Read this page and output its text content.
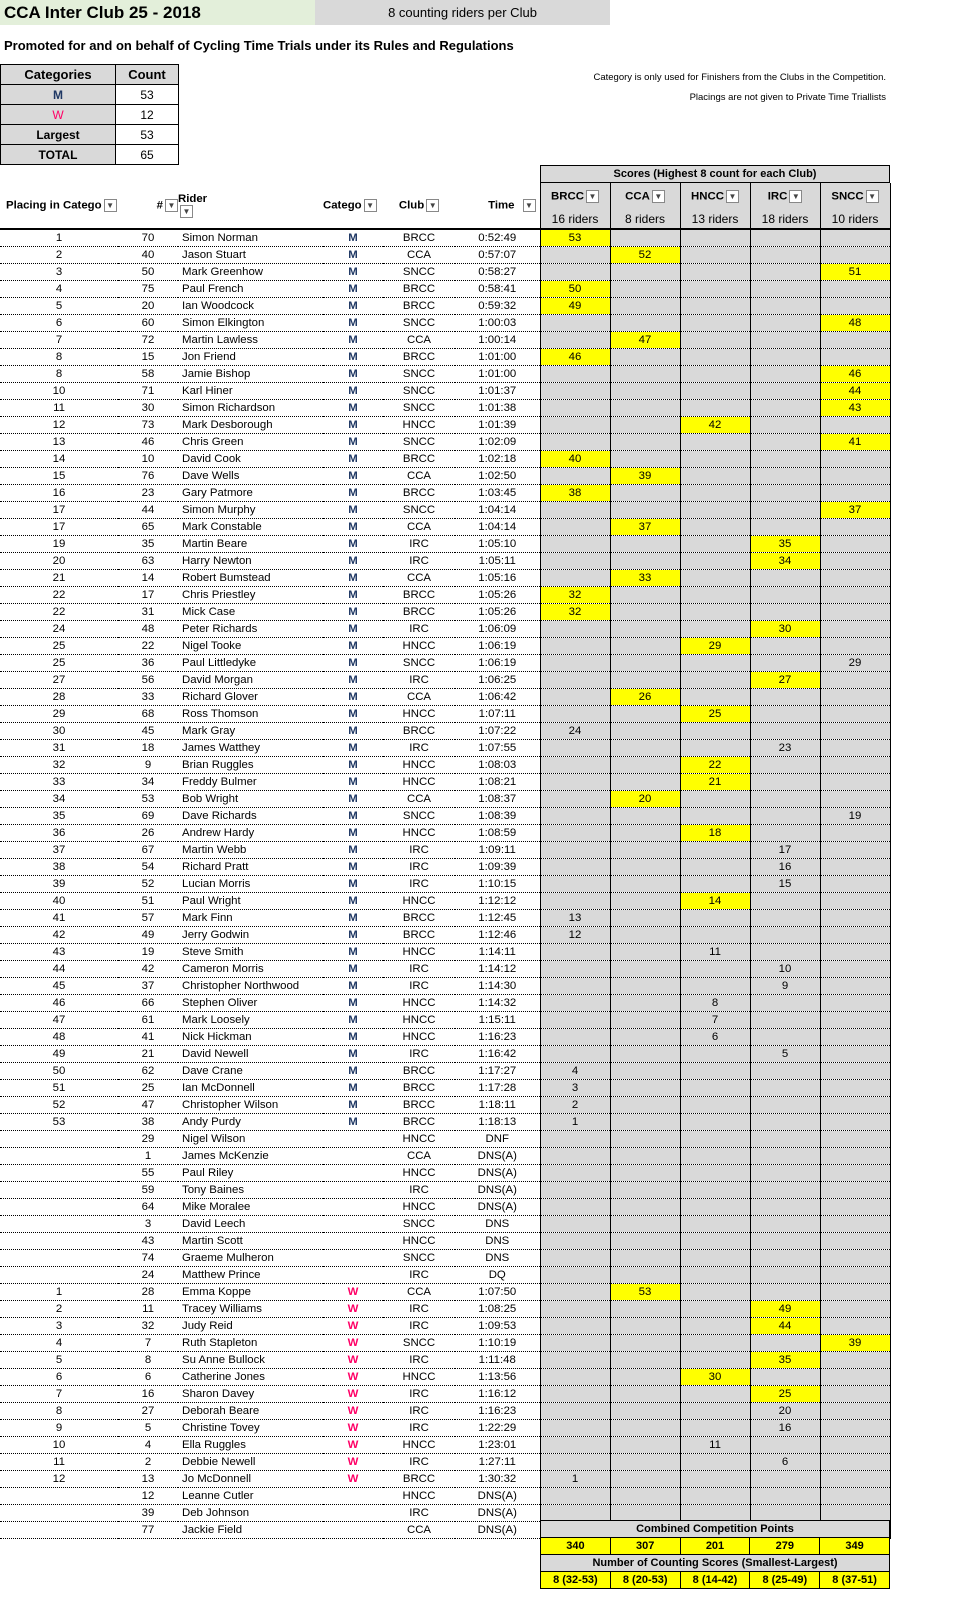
CCA Inter Club 25 - 2018	8 counting riders per Club
Promoted for and on behalf of Cycling Time Trials under its Rules and Regulations
Categories	Count
M	53
W	12
Largest	53
TOTAL	65
Category is only used for Finishers from the Clubs in the Competition.
Placings are not given to Private Time Triallists
Scores (Highest 8 count for each Club)
Placing in Catego ▼	# ▼	Rider▼	Catego ▼	Club ▼	Time ▼	BRCC ▼	CCA ▼	HNCC ▼	IRC ▼	SNCC ▼
						16 riders	8 riders	13 riders	18 riders	10 riders
1	70	Simon Norman	M	BRCC	0:52:49	53				
2	40	Jason Stuart	M	CCA	0:57:07		52			
3	50	Mark Greenhow	M	SNCC	0:58:27					51
4	75	Paul French	M	BRCC	0:58:41	50				
5	20	Ian Woodcock	M	BRCC	0:59:32	49				
6	60	Simon Elkington	M	SNCC	1:00:03					48
7	72	Martin Lawless	M	CCA	1:00:14		47			
8	15	Jon Friend	M	BRCC	1:01:00	46				
8	58	Jamie Bishop	M	SNCC	1:01:00					46
10	71	Karl Hiner	M	SNCC	1:01:37					44
11	30	Simon Richardson	M	SNCC	1:01:38					43
12	73	Mark Desborough	M	HNCC	1:01:39			42		
13	46	Chris Green	M	SNCC	1:02:09					41
14	10	David Cook	M	BRCC	1:02:18	40				
15	76	Dave Wells	M	CCA	1:02:50		39			
16	23	Gary Patmore	M	BRCC	1:03:45	38				
17	44	Simon Murphy	M	SNCC	1:04:14					37
17	65	Mark Constable	M	CCA	1:04:14		37			
19	35	Martin Beare	M	IRC	1:05:10				35	
20	63	Harry Newton	M	IRC	1:05:11				34	
21	14	Robert Bumstead	M	CCA	1:05:16		33			
22	17	Chris Priestley	M	BRCC	1:05:26	32				
22	31	Mick Case	M	BRCC	1:05:26	32				
24	48	Peter Richards	M	IRC	1:06:09				30	
25	22	Nigel Tooke	M	HNCC	1:06:19			29		
25	36	Paul Littledyke	M	SNCC	1:06:19					29
27	56	David Morgan	M	IRC	1:06:25				27	
28	33	Richard Glover	M	CCA	1:06:42		26			
29	68	Ross Thomson	M	HNCC	1:07:11			25		
30	45	Mark Gray	M	BRCC	1:07:22	24				
31	18	James Watthey	M	IRC	1:07:55				23	
32	9	Brian Ruggles	M	HNCC	1:08:03			22		
33	34	Freddy Bulmer	M	HNCC	1:08:21			21		
34	53	Bob Wright	M	CCA	1:08:37		20			
35	69	Dave Richards	M	SNCC	1:08:39					19
36	26	Andrew Hardy	M	HNCC	1:08:59			18		
37	67	Martin Webb	M	IRC	1:09:11				17	
38	54	Richard Pratt	M	IRC	1:09:39				16	
39	52	Lucian Morris	M	IRC	1:10:15				15	
40	51	Paul Wright	M	HNCC	1:12:12			14		
41	57	Mark Finn	M	BRCC	1:12:45	13				
42	49	Jerry Godwin	M	BRCC	1:12:46	12				
43	19	Steve Smith	M	HNCC	1:14:11			11		
44	42	Cameron Morris	M	IRC	1:14:12				10	
45	37	Christopher Northwood	M	IRC	1:14:30				9	
46	66	Stephen Oliver	M	HNCC	1:14:32			8		
47	61	Mark Loosely	M	HNCC	1:15:11			7		
48	41	Nick Hickman	M	HNCC	1:16:23			6		
49	21	David Newell	M	IRC	1:16:42				5	
50	62	Dave Crane	M	BRCC	1:17:27	4				
51	25	Ian McDonnell	M	BRCC	1:17:28	3				
52	47	Christopher Wilson	M	BRCC	1:18:11	2				
53	38	Andy Purdy	M	BRCC	1:18:13	1				
	29	Nigel Wilson		HNCC	DNF					
	1	James McKenzie		CCA	DNS(A)					
	55	Paul Riley		HNCC	DNS(A)					
	59	Tony Baines		IRC	DNS(A)					
	64	Mike Moralee		HNCC	DNS(A)					
	3	David Leech		SNCC	DNS					
	43	Martin Scott		HNCC	DNS					
	74	Graeme Mulheron		SNCC	DNS					
	24	Matthew Prince		IRC	DQ					
1	28	Emma Koppe	W	CCA	1:07:50		53			
2	11	Tracey Williams	W	IRC	1:08:25				49	
3	32	Judy Reid	W	IRC	1:09:53				44	
4	7	Ruth Stapleton	W	SNCC	1:10:19					39
5	8	Su Anne Bullock	W	IRC	1:11:48				35	
6	6	Catherine Jones	W	HNCC	1:13:56			30		
7	16	Sharon Davey	W	IRC	1:16:12				25	
8	27	Deborah Beare	W	IRC	1:16:23				20	
9	5	Christine Tovey	W	IRC	1:22:29				16	
10	4	Ella Ruggles	W	HNCC	1:23:01			11		
11	2	Debbie Newell	W	IRC	1:27:11				6	
12	13	Jo McDonnell	W	BRCC	1:30:32	1				
	12	Leanne Cutler		HNCC	DNS(A)					
	39	Deb Johnson		IRC	DNS(A)					
	77	Jackie Field		CCA	DNS(A)						Combined Competition Points				
340	307	201	279	349
Number of Counting Scores (Smallest-Largest)				
8 (32-53)	8 (20-53)	8 (14-42)	8 (25-49)	8 (37-51)
